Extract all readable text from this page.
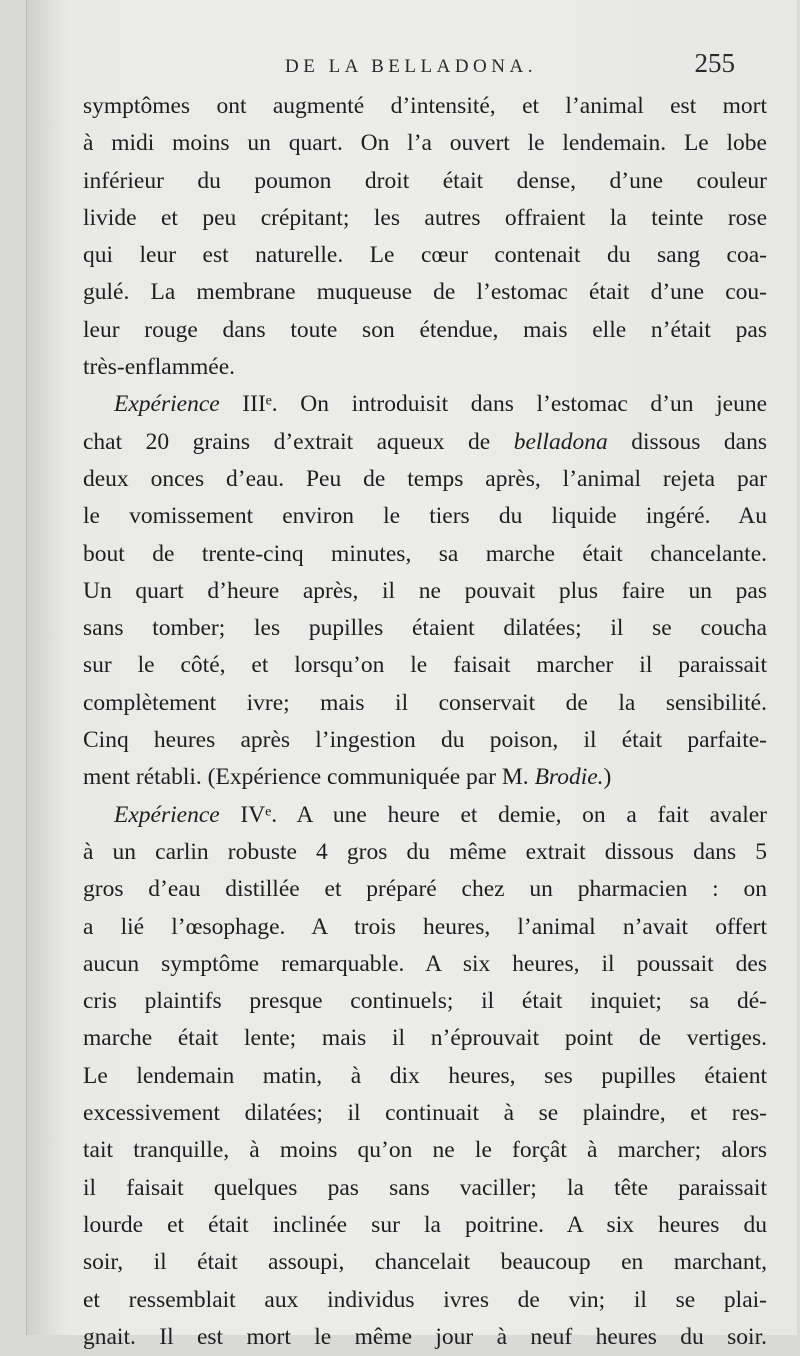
DE LA BELLADONA.	255
symptômes ont augmenté d’intensité, et l’animal est mort
à midi moins un quart. On l’a ouvert le lendemain. Le lobe
inférieur du poumon droit était dense, d’une couleur
livide et peu crépitant; les autres offraient la teinte rose
qui leur est naturelle. Le cœur contenait du sang coa-
gulé. La membrane muqueuse de l’estomac était d’une cou-
leur rouge dans toute son étendue, mais elle n’était pas
très-enflammée.
Expérience IIIᵉ. On introduisit dans l’estomac d’un jeune
chat 20 grains d’extrait aqueux de belladona dissous dans
deux onces d’eau. Peu de temps après, l’animal rejeta par
le vomissement environ le tiers du liquide ingéré. Au
bout de trente-cinq minutes, sa marche était chancelante.
Un quart d’heure après, il ne pouvait plus faire un pas
sans tomber; les pupilles étaient dilatées; il se coucha
sur le côté, et lorsqu’on le faisait marcher il paraissait
complètement ivre; mais il conservait de la sensibilité.
Cinq heures après l’ingestion du poison, il était parfaite-
ment rétabli. (Expérience communiquée par M. Brodie.)
Expérience IVᵉ. A une heure et demie, on a fait avaler
à un carlin robuste 4 gros du même extrait dissous dans 5
gros d’eau distillée et préparé chez un pharmacien : on
a lié l’œsophage. A trois heures, l’animal n’avait offert
aucun symptôme remarquable. A six heures, il poussait des
cris plaintifs presque continuels; il était inquiet; sa dé-
marche était lente; mais il n’éprouvait point de vertiges.
Le lendemain matin, à dix heures, ses pupilles étaient
excessivement dilatées; il continuait à se plaindre, et res-
tait tranquille, à moins qu’on ne le forçât à marcher; alors
il faisait quelques pas sans vaciller; la tête paraissait
lourde et était inclinée sur la poitrine. A six heures du
soir, il était assoupi, chancelait beaucoup en marchant,
et ressemblait aux individus ivres de vin; il se plai-
gnait. Il est mort le même jour à neuf heures du soir.
